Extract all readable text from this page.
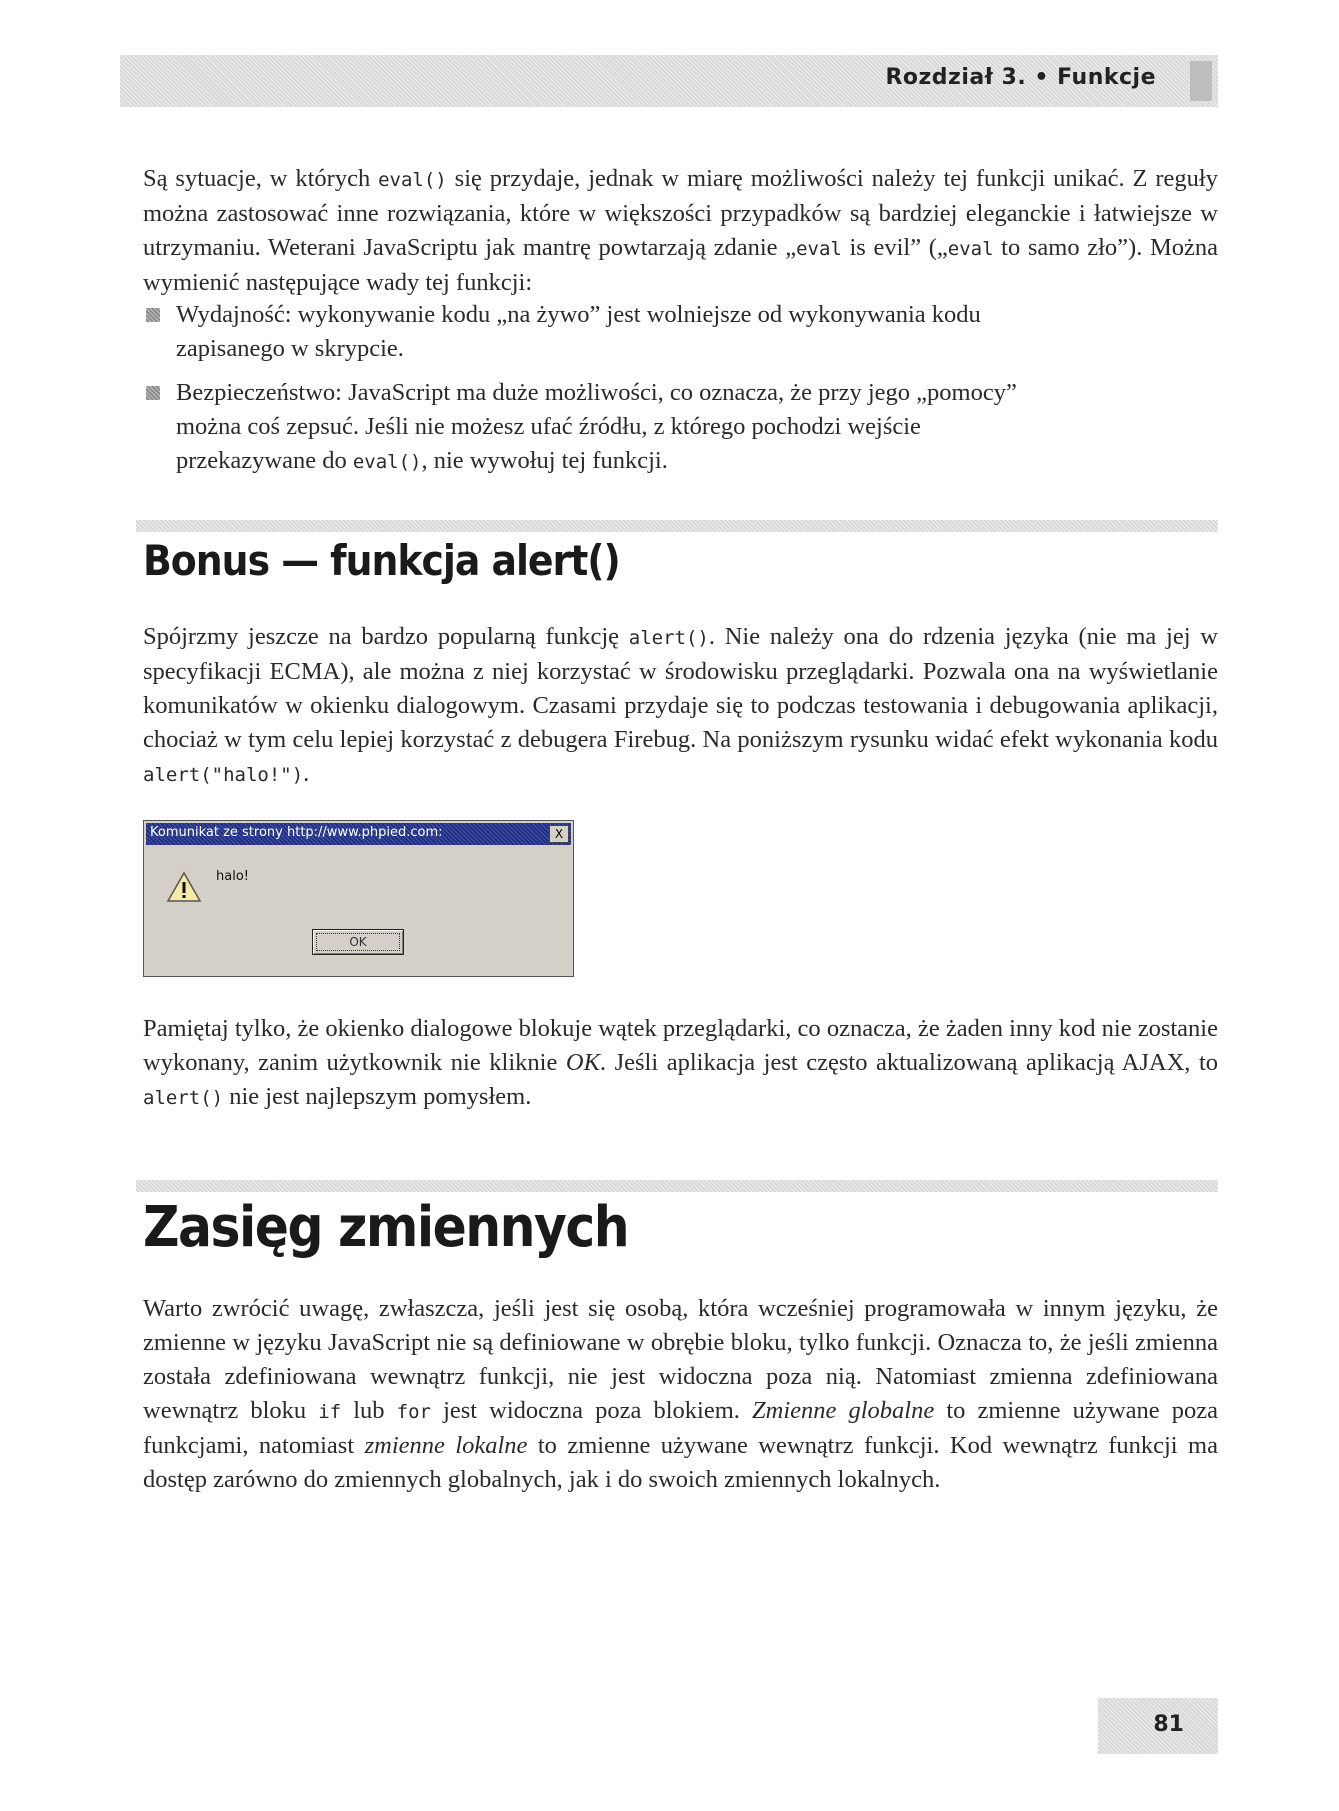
Rozdział 3. • Funkcje
Są sytuacje, w których eval() się przydaje, jednak w miarę możliwości należy tej funkcji unikać. Z reguły można zastosować inne rozwiązania, które w większości przypadków są bardziej eleganckie i łatwiejsze w utrzymaniu. Weterani JavaScriptu jak mantrę powtarzają zdanie „eval is evil” („eval to samo zło”). Można wymienić następujące wady tej funkcji:
Wydajność: wykonywanie kodu „na żywo” jest wolniejsze od wykonywania kodu zapisanego w skrypcie.
Bezpieczeństwo: JavaScript ma duże możliwości, co oznacza, że przy jego „pomocy” można coś zepsuć. Jeśli nie możesz ufać źródłu, z którego pochodzi wejście przekazywane do eval(), nie wywołuj tej funkcji.
Bonus — funkcja alert()
Spójrzmy jeszcze na bardzo popularną funkcję alert(). Nie należy ona do rdzenia języka (nie ma jej w specyfikacji ECMA), ale można z niej korzystać w środowisku przeglądarki. Pozwala ona na wyświetlanie komunikatów w okienku dialogowym. Czasami przydaje się to podczas testowania i debugowania aplikacji, chociaż w tym celu lepiej korzystać z debugera Firebug. Na poniższym rysunku widać efekt wykonania kodu alert("halo!").
Komunikat ze strony http://www.phpied.com:	X
halo!
OK
Pamiętaj tylko, że okienko dialogowe blokuje wątek przeglądarki, co oznacza, że żaden inny kod nie zostanie wykonany, zanim użytkownik nie kliknie OK. Jeśli aplikacja jest często aktualizowaną aplikacją AJAX, to alert() nie jest najlepszym pomysłem.
Zasięg zmiennych
Warto zwrócić uwagę, zwłaszcza, jeśli jest się osobą, która wcześniej programowała w innym języku, że zmienne w języku JavaScript nie są definiowane w obrębie bloku, tylko funkcji. Oznacza to, że jeśli zmienna została zdefiniowana wewnątrz funkcji, nie jest widoczna poza nią. Natomiast zmienna zdefiniowana wewnątrz bloku if lub for jest widoczna poza blokiem. Zmienne globalne to zmienne używane poza funkcjami, natomiast zmienne lokalne to zmienne używane wewnątrz funkcji. Kod wewnątrz funkcji ma dostęp zarówno do zmiennych globalnych, jak i do swoich zmiennych lokalnych.
81
